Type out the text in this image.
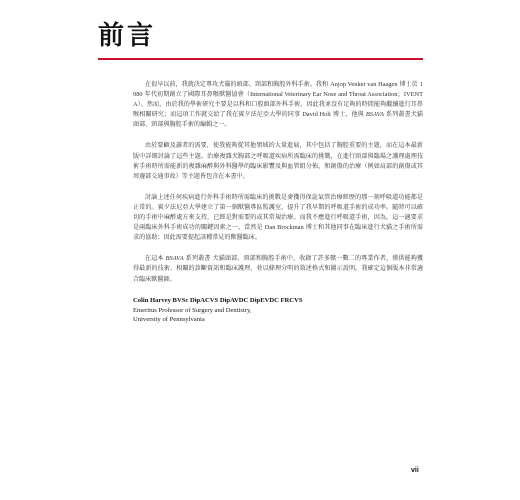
前言

在很早以前，我就決定專攻犬貓的頭部、頸部和胸腔外科手術。我和 Anjop Venker van Haagen 博士於 1980 年代初期創立了國際耳鼻喉獸醫協會（International Veterinary Ear Nose and Throat Association；IVENTA）。然而，由於我的學術研究主要是以科和口腔頭部外科手術，因此我並沒有足夠的時間能夠繼續進行耳鼻喉相關研究；而這項工作就交給了我在賓夕法尼亞大學的同事 David Holt 博士，他與 BSAVA 系列叢書犬貓頭部、頸部與胸腔手術的編輯之一。

由於要顧及讀者的需要，使我能夠從其他領域的大量進展，其中包括了胸腔重要的主題，而在這本最新版中詳細討論了這些主題。治療複雜犬胸部之呼吸道疾病所需臨床的挑戰，在進行頸部與臨場之護理處理技術手術時所需能新的複雜麻醉與外科醫學的臨床影響及與血管組分佈，和創傷的治療（例如肩部的創傷或其周邊部交通事故）等主題皆包含在本書中。

討論上述任何疾病進行外科手術時所需臨床的挑戰是麥獲得保証氣管治療經歷的那一刻呼吸道功能都是正常的。賓夕法尼亞大學建立了第一個獸醫專區監護室，提升了我早期的呼吸道手術的成功率。隨時可以確切的手術中麻醉處方來支持，已經是對需要的或其常規治療。而我不應進行呼吸道手術，因為，這一適要求是兩臨床外科手術成功的關鍵因素之一。當然是 Dan Brockman 博士和其他同事在臨床進行犬貓之手術所需求的協助；因此需要提起該種常見的獸醫臨床。

在這本 BSAVA 系列叢書 犬貓頭部、頸部和胸腔手術中，收錄了許多獸一數二的專業作者，僅供能夠獲得最新的技術、相關的診斷資訊和臨床護理，並以條理分明的敘述格式和圖示說明。我確定這個版本非常適合臨床獸醫師。

Colin Harvey BVSc DipACVS DipAVDC DipEVDC FRCVS
Emeritus Professor of Surgery and Dentistry,
University of Pennsylvania
vii
